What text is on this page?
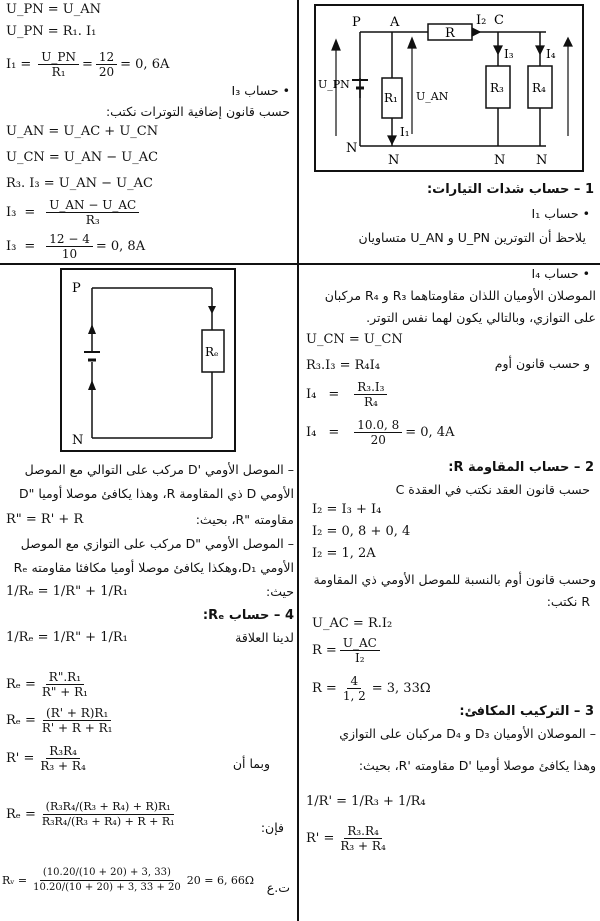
U_PN = U_AN
U_PN = R₁. I₁
$I_1 = \frac{U\_PN}{\text{R₁}} = \frac{12}{20} = 0$, 6A
• حساب I₃
حسب قانون إضافية التوترات نكتب:
U_AN = U_AC + U_CN
U_CN = U_AN − U_AC
R₃. I₃ = U_AN − U_AC
$I_3 = \frac{U\_AN - U\_AC}{\text{R₃}}$
$I_3 = \frac{12 - 4}{10} = 0$, 8A
P A	I₂ C
R
I₃	I₄
U_PN
R₁ U_AN
R₃ R₄
I₁
N
N	N N
1 – حساب شدات التيارات:
• حساب I₁
يلاحظ أن التوترين U_PN و U_AN متساويان
• حساب I₄
الموصلان الأوميان اللذان مقاومتاهما R₃ و R₄ مركبان
على التوازي، وبالتالي يكون لهما نفس التوتر.
U_CN = U_CN
و حسب قانون أوم
R₃.I₃ = R₄I₄
$I_4 = \frac{\text{R₃.I₃}}{\text{R₄}}$
$I_4 = \frac{10.0, 8}{20} = 0$, 4A
2 – حساب المقاومة R:
حسب قانون العقد نكتب في العقدة C
I₂ = I₃ + I₄
I₂ = 0, 8 + 0, 4
I₂ = 1, 2A
وحسب قانون أوم بالنسبة للموصل الأومي ذي المقاومة
R نكتب:
U_AC = R.I₂
$R = \frac{U\_AC}{\text{I₂}}$
$R = \frac{4}{1, 2} = 3$, 33Ω
3 – التركيب المكافئ:
– الموصلان الأوميان D₃ و D₄ مركبان على التوازي
وهذا يكافئ موصلا أوميا 'D مقاومته 'R، بحيث:
1/R' = 1/R₃ + 1/R₄
$R' = \frac{\text{R₃.R₄}}{\text{R₃ + R₄}}$
P
N
Rₑ
– الموصل الأومي 'D مركب على التوالي مع الموصل
الأومي D ذي المقاومة R، وهذا يكافئ موصلا أوميا "D
مقاومته "R، بحيث:
R" = R' + R
– الموصل الأومي "D مركب على التوازي مع الموصل
الأومي D₁،وهكذا يكافئ موصلا أوميا مكافئا مقاومته Rₑ
حيث:
1/Rₑ = 1/R" + 1/R₁
4 – حساب Rₑ:
لدينا العلاقة
1/Rₑ = 1/R" + 1/R₁
$R_e = \frac{\text{R".R₁}}{\text{R" + R₁}}$
$R_e = \frac{\text{(R' + R)R₁}}{\text{R' + R + R₁}}$
وبما أن
$R' = \frac{\text{R₃R₄}}{\text{R₃ + R₄}}$
فإن:
$R_e = \frac{\text{(R₃R₄/(R₃ + R₄) + R)R₁}}{\text{R₃R₄/(R₃ + R₄) + R + R₁}}$
ت.ع
Rᵥ = $\frac{(10.20/(10 + 20) + 3, 33)}{10.20/(10 + 20) + 3, 33 + 20} 20 = 6$, 66Ω
